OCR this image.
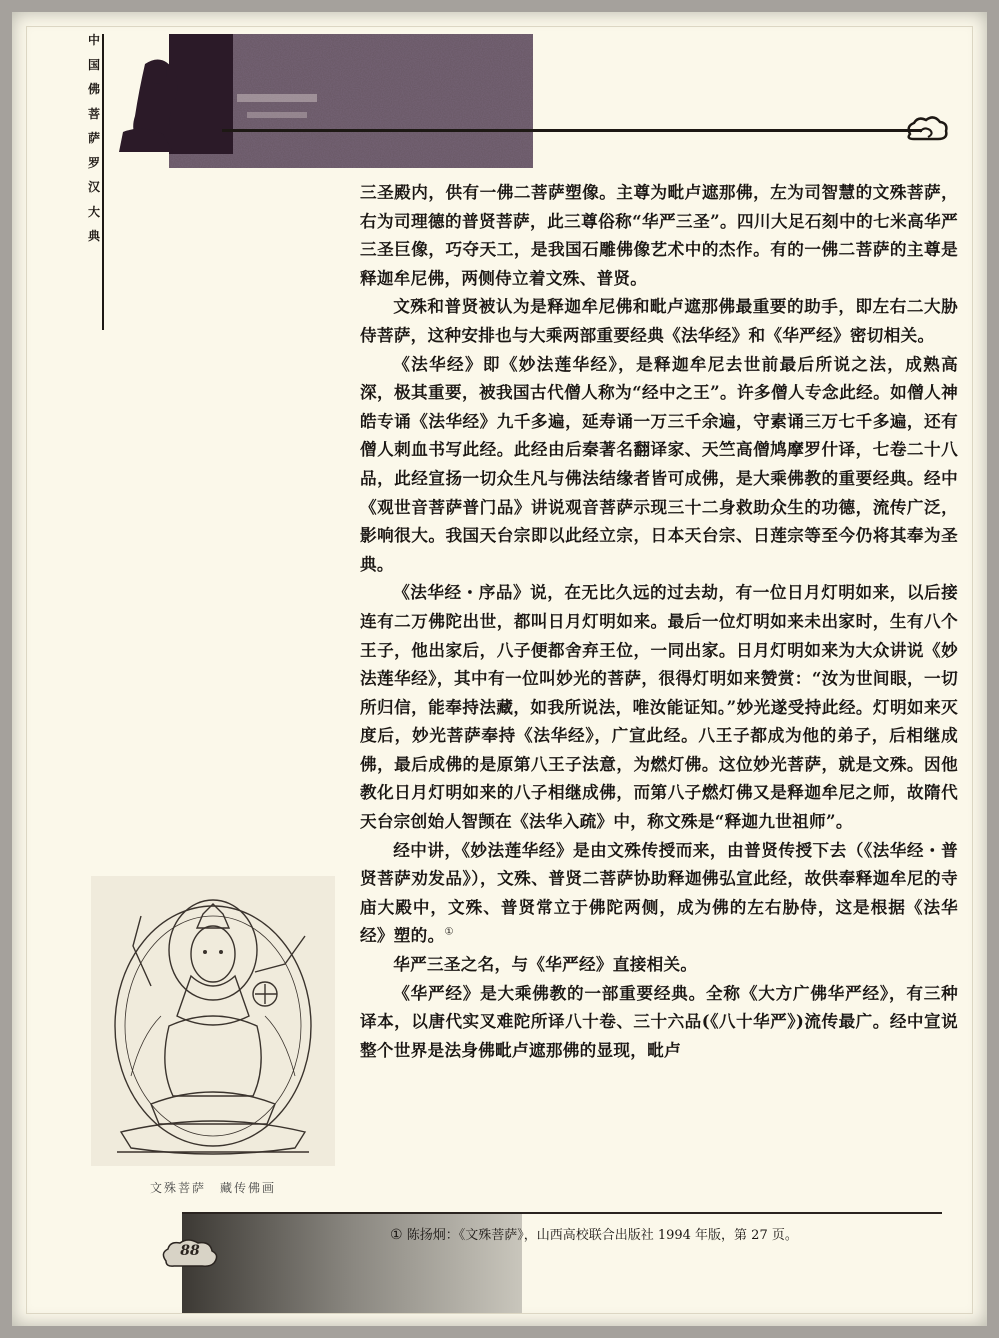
中
国
佛
菩
萨
罗
汉
大
典

三圣殿内，供有一佛二菩萨塑像。主尊为毗卢遮那佛，左为司智慧的文殊菩萨，右为司理德的普贤菩萨，此三尊俗称“华严三圣”。四川大足石刻中的七米高华严三圣巨像，巧夺天工，是我国石雕佛像艺术中的杰作。有的一佛二菩萨的主尊是释迦牟尼佛，两侧侍立着文殊、普贤。

文殊和普贤被认为是释迦牟尼佛和毗卢遮那佛最重要的助手，即左右二大胁侍菩萨，这种安排也与大乘两部重要经典《法华经》和《华严经》密切相关。

《法华经》即《妙法莲华经》，是释迦牟尼去世前最后所说之法，成熟高深，极其重要，被我国古代僧人称为“经中之王”。许多僧人专念此经。如僧人神皓专诵《法华经》九千多遍，延寿诵一万三千余遍，守素诵三万七千多遍，还有僧人刺血书写此经。此经由后秦著名翻译家、天竺高僧鸠摩罗什译，七卷二十八品，此经宣扬一切众生凡与佛法结缘者皆可成佛，是大乘佛教的重要经典。经中《观世音菩萨普门品》讲说观音菩萨示现三十二身救助众生的功德，流传广泛，影响很大。我国天台宗即以此经立宗，日本天台宗、日莲宗等至今仍将其奉为圣典。

《法华经・序品》说，在无比久远的过去劫，有一位日月灯明如来，以后接连有二万佛陀出世，都叫日月灯明如来。最后一位灯明如来未出家时，生有八个王子，他出家后，八子便都舍弃王位，一同出家。日月灯明如来为大众讲说《妙法莲华经》，其中有一位叫妙光的菩萨，很得灯明如来赞赏：“汝为世间眼，一切所归信，能奉持法藏，如我所说法，唯汝能证知。”妙光遂受持此经。灯明如来灭度后，妙光菩萨奉持《法华经》，广宣此经。八王子都成为他的弟子，后相继成佛，最后成佛的是原第八王子法意，为燃灯佛。这位妙光菩萨，就是文殊。因他教化日月灯明如来的八子相继成佛，而第八子燃灯佛又是释迦牟尼之师，故隋代天台宗创始人智𫖮在《法华入疏》中，称文殊是“释迦九世祖师”。

经中讲，《妙法莲华经》是由文殊传授而来，由普贤传授下去（《法华经・普贤菩萨劝发品》），文殊、普贤二菩萨协助释迦佛弘宣此经，故供奉释迦牟尼的寺庙大殿中，文殊、普贤常立于佛陀两侧，成为佛的左右胁侍，这是根据《法华经》塑的。①

华严三圣之名，与《华严经》直接相关。

《华严经》是大乘佛教的一部重要经典。全称《大方广佛华严经》，有三种译本，以唐代实叉难陀所译八十卷、三十六品(《八十华严》)流传最广。经中宣说整个世界是法身佛毗卢遮那佛的显现，毗卢

文殊菩萨　藏传佛画
88
① 陈扬炯：《文殊菩萨》，山西高校联合出版社 1994 年版，第 27 页。
